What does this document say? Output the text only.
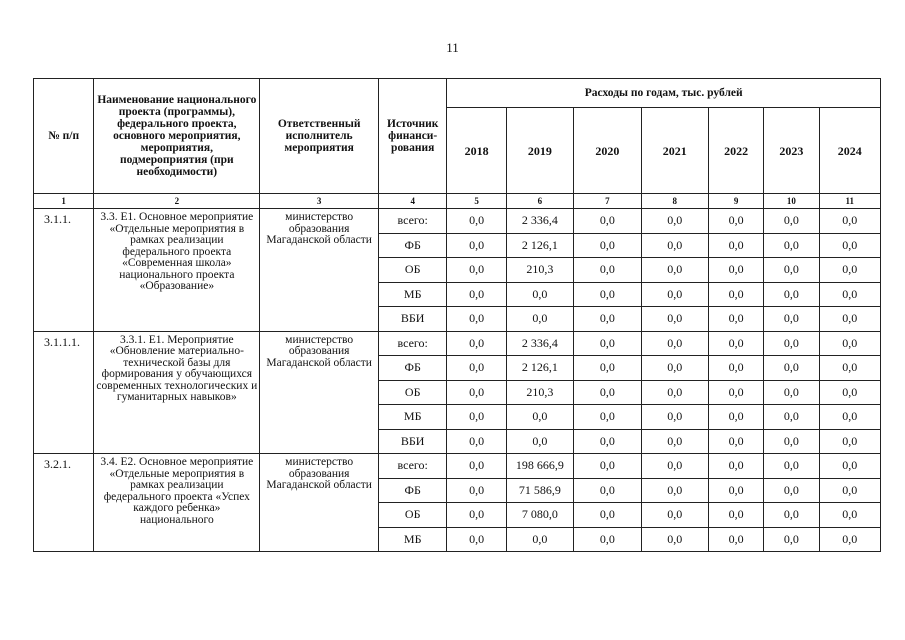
11
№ п/п	Наименование национального проекта (программы), федерального проекта, основного мероприятия, мероприятия, подмероприятия (при необходимости)	Ответственный исполнитель мероприятия	Источник финанси-рования	Расходы по годам, тыс. рублей						
				2018	2019	2020	2021	2022	2023	2024
1	2	3	4	5	6	7	8	9	10	11
3.1.1.	3.3. Е1. Основное мероприятие «Отдельные мероприятия в рамках реализации федерального проекта «Современная школа» национального проекта «Образование»	министерство образования Магаданской области	всего:	0,0	2 336,4	0,0	0,0	0,0	0,0	0,0
			ФБ	0,0	2 126,1	0,0	0,0	0,0	0,0	0,0
			ОБ	0,0	210,3	0,0	0,0	0,0	0,0	0,0
			МБ	0,0	0,0	0,0	0,0	0,0	0,0	0,0
			ВБИ	0,0	0,0	0,0	0,0	0,0	0,0	0,0
3.1.1.1.	3.3.1. Е1. Мероприятие «Обновление материально-технической базы для формирования у обучающихся современных технологических и гуманитарных навыков»	министерство образования Магаданской области	всего:	0,0	2 336,4	0,0	0,0	0,0	0,0	0,0
			ФБ	0,0	2 126,1	0,0	0,0	0,0	0,0	0,0
			ОБ	0,0	210,3	0,0	0,0	0,0	0,0	0,0
			МБ	0,0	0,0	0,0	0,0	0,0	0,0	0,0
			ВБИ	0,0	0,0	0,0	0,0	0,0	0,0	0,0
3.2.1.	3.4. Е2. Основное мероприятие «Отдельные мероприятия в рамках реализации федерального проекта «Успех каждого ребенка» национального	министерство образования Магаданской области	всего:	0,0	198 666,9	0,0	0,0	0,0	0,0	0,0
			ФБ	0,0	71 586,9	0,0	0,0	0,0	0,0	0,0
			ОБ	0,0	7 080,0	0,0	0,0	0,0	0,0	0,0
			МБ	0,0	0,0	0,0	0,0	0,0	0,0	0,0
